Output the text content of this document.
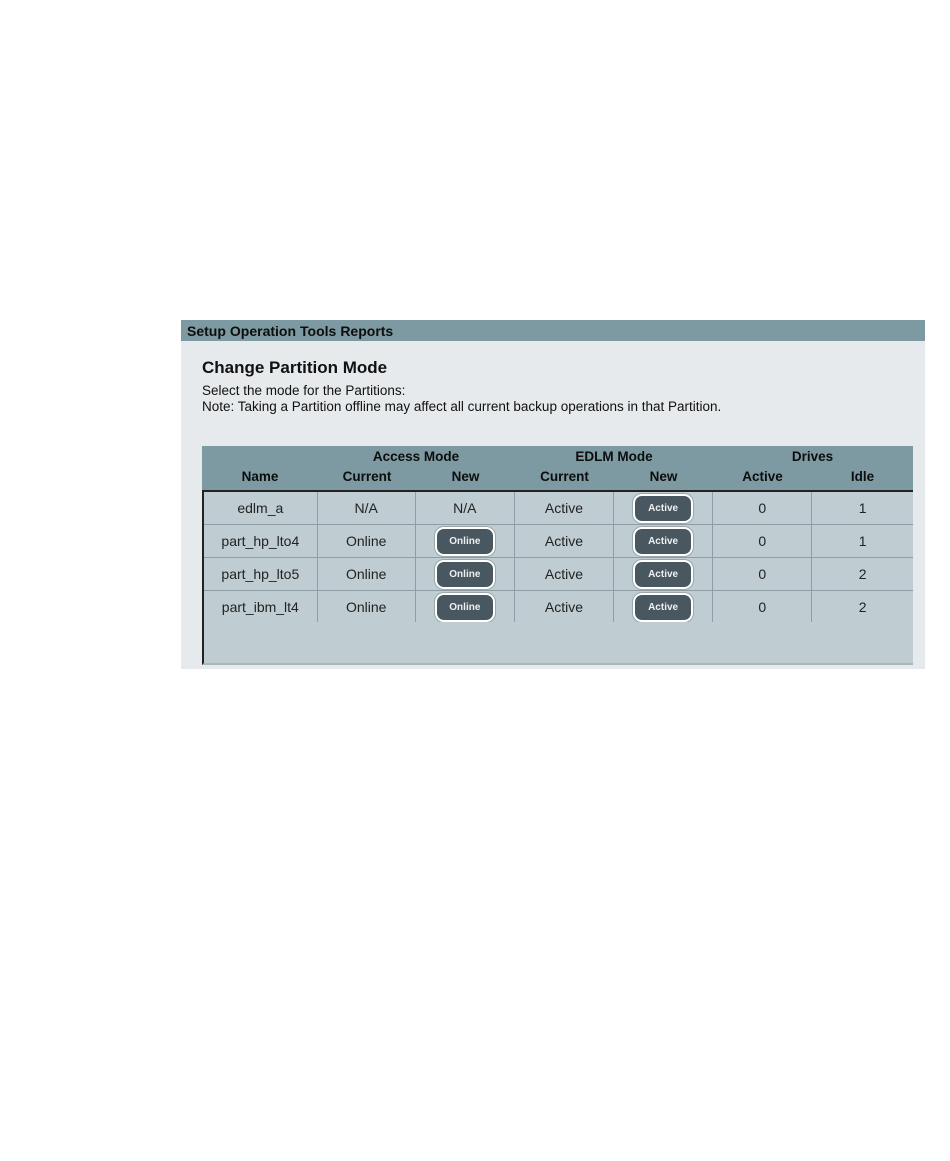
Setup Operation Tools Reports
Change Partition Mode
Select the mode for the Partitions:
Note: Taking a Partition offline may affect all current backup operations in that Partition.
Access Mode	EDLM Mode	Drives
Name	Current	New	Current	New	Active	Idle
edlm_a	N/A	N/A	Active	Active	0	1
part_hp_lto4	Online	Online	Active	Active	0	1
part_hp_lto5	Online	Online	Active	Active	0	2
part_ibm_lt4	Online	Online	Active	Active	0	2
